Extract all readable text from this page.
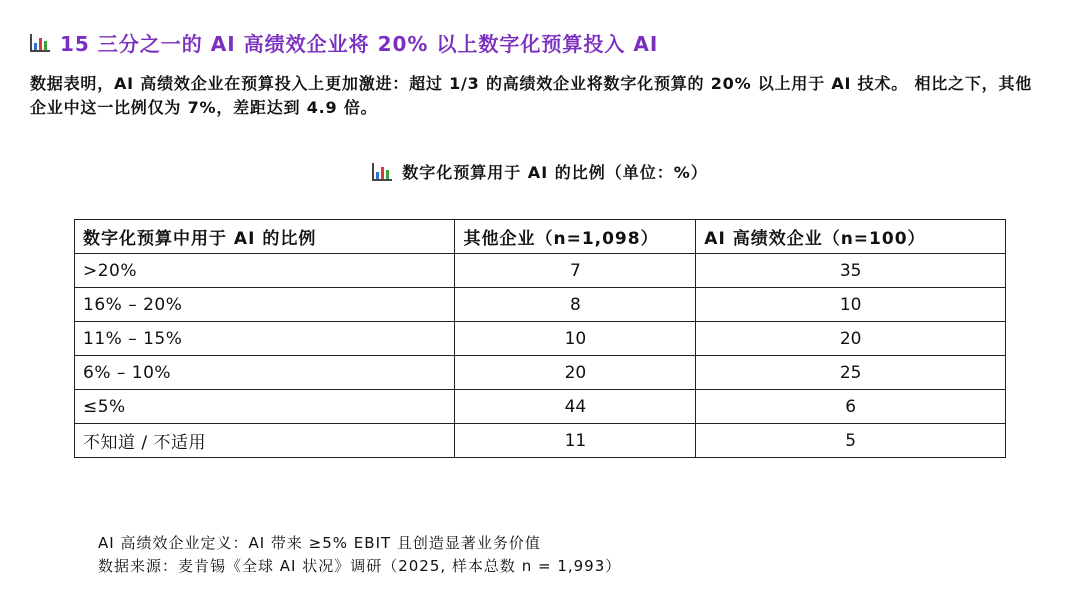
15 三分之一的 AI 高绩效企业将 20% 以上数字化预算投入 AI
数据表明，AI 高绩效企业在预算投入上更加激进：超过 1/3 的高绩效企业将数字化预算的 20% 以上用于 AI 技术。 相比之下，其他企业中这一比例仅为 7%，差距达到 4.9 倍。
数字化预算用于 AI 的比例（单位：%）
数字化预算中用于 AI 的比例	其他企业（n=1,098）	AI 高绩效企业（n=100）
>20%	7	35
16% – 20%	8	10
11% – 15%	10	20
6% – 10%	20	25
≤5%	44	6
不知道 / 不适用	11	5
AI 高绩效企业定义：AI 带来 ≥5% EBIT 且创造显著业务价值
数据来源：麦肯锡《全球 AI 状况》调研（2025, 样本总数 n = 1,993）
